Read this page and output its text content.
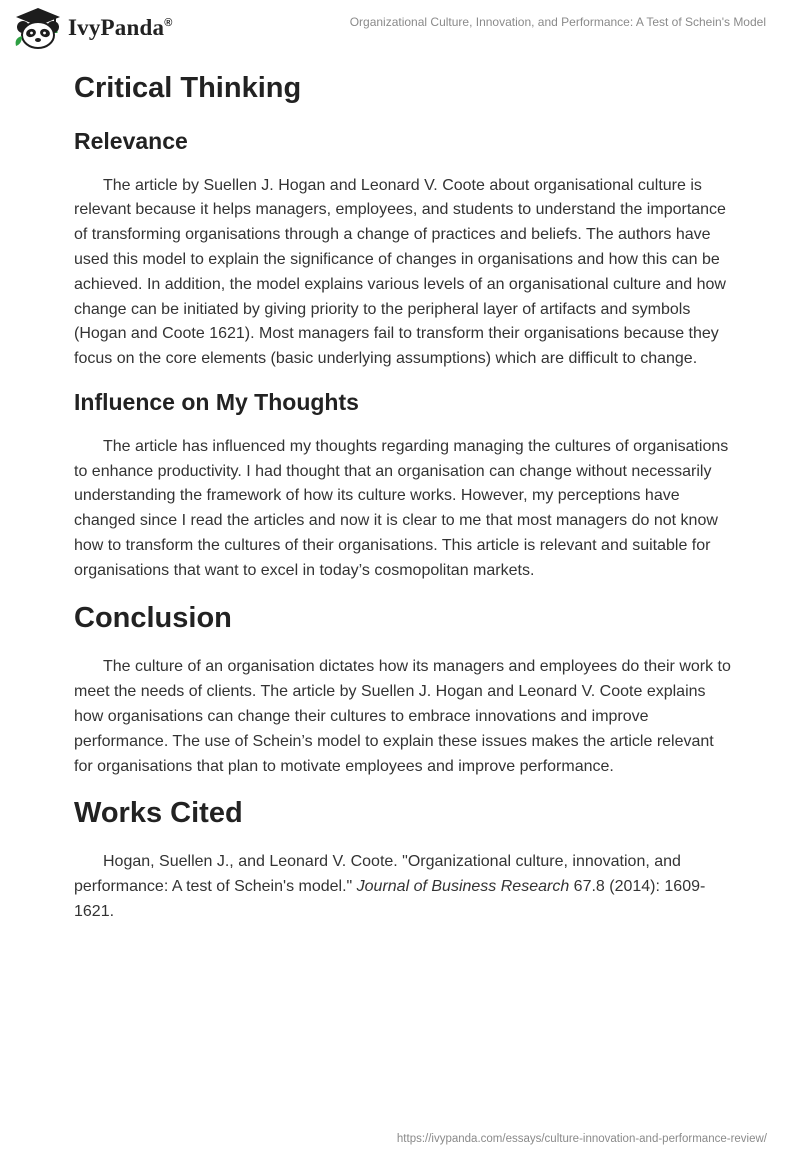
IvyPanda®	Organizational Culture, Innovation, and Performance: A Test of Schein's Model
Critical Thinking
Relevance

The article by Suellen J. Hogan and Leonard V. Coote about organisational culture is relevant because it helps managers, employees, and students to understand the importance of transforming organisations through a change of practices and beliefs. The authors have used this model to explain the significance of changes in organisations and how this can be achieved. In addition, the model explains various levels of an organisational culture and how change can be initiated by giving priority to the peripheral layer of artifacts and symbols (Hogan and Coote 1621). Most managers fail to transform their organisations because they focus on the core elements (basic underlying assumptions) which are difficult to change.

Influence on My Thoughts

The article has influenced my thoughts regarding managing the cultures of organisations to enhance productivity. I had thought that an organisation can change without necessarily understanding the framework of how its culture works. However, my perceptions have changed since I read the articles and now it is clear to me that most managers do not know how to transform the cultures of their organisations. This article is relevant and suitable for organisations that want to excel in today’s cosmopolitan markets.

Conclusion

The culture of an organisation dictates how its managers and employees do their work to meet the needs of clients. The article by Suellen J. Hogan and Leonard V. Coote explains how organisations can change their cultures to embrace innovations and improve performance. The use of Schein’s model to explain these issues makes the article relevant for organisations that plan to motivate employees and improve performance.

Works Cited

Hogan, Suellen J., and Leonard V. Coote. "Organizational culture, innovation, and performance: A test of Schein's model." Journal of Business Research 67.8 (2014): 1609-1621.

https://ivypanda.com/essays/culture-innovation-and-performance-review/
